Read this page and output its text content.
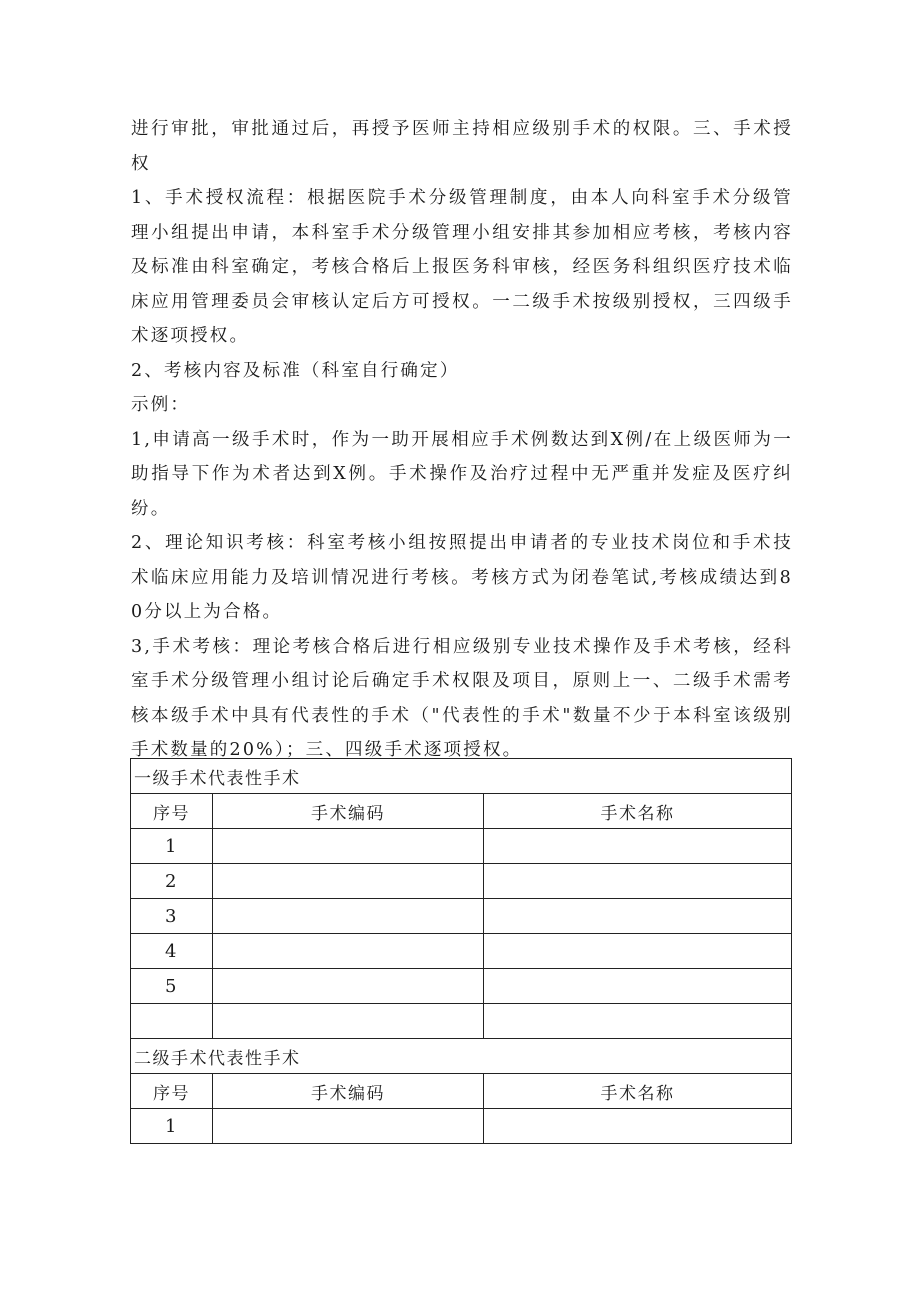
进行审批，审批通过后，再授予医师主持相应级别手术的权限。三、手术授权

1、手术授权流程：根据医院手术分级管理制度，由本人向科室手术分级管理小组提出申请，本科室手术分级管理小组安排其参加相应考核，考核内容及标准由科室确定，考核合格后上报医务科审核，经医务科组织医疗技术临床应用管理委员会审核认定后方可授权。一二级手术按级别授权，三四级手术逐项授权。

2、考核内容及标准（科室自行确定）

示例：

1,申请高一级手术时，作为一助开展相应手术例数达到X例/在上级医师为一助指导下作为术者达到X例。手术操作及治疗过程中无严重并发症及医疗纠纷。

2、理论知识考核：科室考核小组按照提出申请者的专业技术岗位和手术技术临床应用能力及培训情况进行考核。考核方式为闭卷笔试,考核成绩达到80分以上为合格。

3,手术考核：理论考核合格后进行相应级别专业技术操作及手术考核，经科室手术分级管理小组讨论后确定手术权限及项目，原则上一、二级手术需考核本级手术中具有代表性的手术（"代表性的手术"数量不少于本科室该级别手术数量的20%）；三、四级手术逐项授权。

一级手术代表性手术		
序号	手术编码	手术名称
1		
2		
3		
4		
5		

二级手术代表性手术		
序号	手术编码	手术名称
1		
